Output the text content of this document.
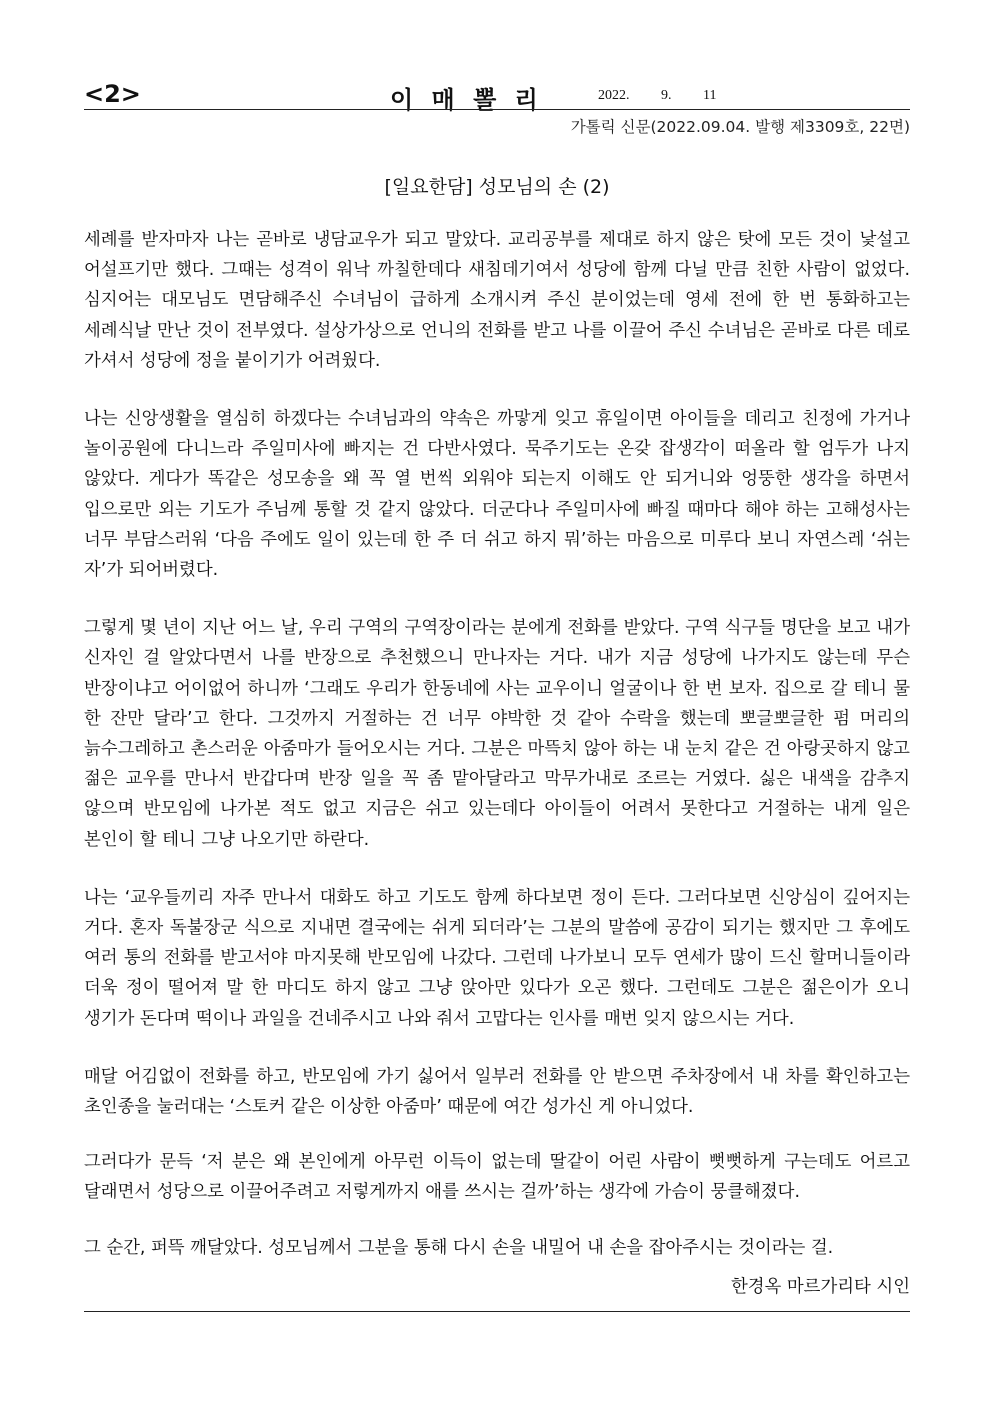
<2>	이 매 뽈 리	2022. 9. 11
가톨릭 신문(2022.09.04. 발행 제3309호, 22면)
[일요한담] 성모님의 손 (2)

세례를 받자마자 나는 곧바로 냉담교우가 되고 말았다. 교리공부를 제대로 하지 않은 탓에 모든 것이 낯설고 어설프기만 했다. 그때는 성격이 워낙 까칠한데다 새침데기여서 성당에 함께 다닐 만큼 친한 사람이 없었다. 심지어는 대모님도 면담해주신 수녀님이 급하게 소개시켜 주신 분이었는데 영세 전에 한 번 통화하고는 세례식날 만난 것이 전부였다. 설상가상으로 언니의 전화를 받고 나를 이끌어 주신 수녀님은 곧바로 다른 데로 가셔서 성당에 정을 붙이기가 어려웠다.

나는 신앙생활을 열심히 하겠다는 수녀님과의 약속은 까맣게 잊고 휴일이면 아이들을 데리고 친정에 가거나 놀이공원에 다니느라 주일미사에 빠지는 건 다반사였다. 묵주기도는 온갖 잡생각이 떠올라 할 엄두가 나지 않았다. 게다가 똑같은 성모송을 왜 꼭 열 번씩 외워야 되는지 이해도 안 되거니와 엉뚱한 생각을 하면서 입으로만 외는 기도가 주님께 통할 것 같지 않았다. 더군다나 주일미사에 빠질 때마다 해야 하는 고해성사는 너무 부담스러워 ‘다음 주에도 일이 있는데 한 주 더 쉬고 하지 뭐’하는 마음으로 미루다 보니 자연스레 ‘쉬는 자’가 되어버렸다.

그렇게 몇 년이 지난 어느 날, 우리 구역의 구역장이라는 분에게 전화를 받았다. 구역 식구들 명단을 보고 내가 신자인 걸 알았다면서 나를 반장으로 추천했으니 만나자는 거다. 내가 지금 성당에 나가지도 않는데 무슨 반장이냐고 어이없어 하니까 ‘그래도 우리가 한동네에 사는 교우이니 얼굴이나 한 번 보자. 집으로 갈 테니 물 한 잔만 달라’고 한다. 그것까지 거절하는 건 너무 야박한 것 같아 수락을 했는데 뽀글뽀글한 펌 머리의 늙수그레하고 촌스러운 아줌마가 들어오시는 거다. 그분은 마뜩치 않아 하는 내 눈치 같은 건 아랑곳하지 않고 젊은 교우를 만나서 반갑다며 반장 일을 꼭 좀 맡아달라고 막무가내로 조르는 거였다. 싫은 내색을 감추지 않으며 반모임에 나가본 적도 없고 지금은 쉬고 있는데다 아이들이 어려서 못한다고 거절하는 내게 일은 본인이 할 테니 그냥 나오기만 하란다.

나는 ‘교우들끼리 자주 만나서 대화도 하고 기도도 함께 하다보면 정이 든다. 그러다보면 신앙심이 깊어지는 거다. 혼자 독불장군 식으로 지내면 결국에는 쉬게 되더라’는 그분의 말씀에 공감이 되기는 했지만 그 후에도 여러 통의 전화를 받고서야 마지못해 반모임에 나갔다. 그런데 나가보니 모두 연세가 많이 드신 할머니들이라 더욱 정이 떨어져 말 한 마디도 하지 않고 그냥 앉아만 있다가 오곤 했다. 그런데도 그분은 젊은이가 오니 생기가 돈다며 떡이나 과일을 건네주시고 나와 줘서 고맙다는 인사를 매번 잊지 않으시는 거다.

매달 어김없이 전화를 하고, 반모임에 가기 싫어서 일부러 전화를 안 받으면 주차장에서 내 차를 확인하고는 초인종을 눌러대는 ‘스토커 같은 이상한 아줌마’ 때문에 여간 성가신 게 아니었다.

그러다가 문득 ‘저 분은 왜 본인에게 아무런 이득이 없는데 딸같이 어린 사람이 뻣뻣하게 구는데도 어르고 달래면서 성당으로 이끌어주려고 저렇게까지 애를 쓰시는 걸까’하는 생각에 가슴이 뭉클해졌다.

그 순간, 퍼뜩 깨달았다. 성모님께서 그분을 통해 다시 손을 내밀어 내 손을 잡아주시는 것이라는 걸.

한경옥 마르가리타 시인
